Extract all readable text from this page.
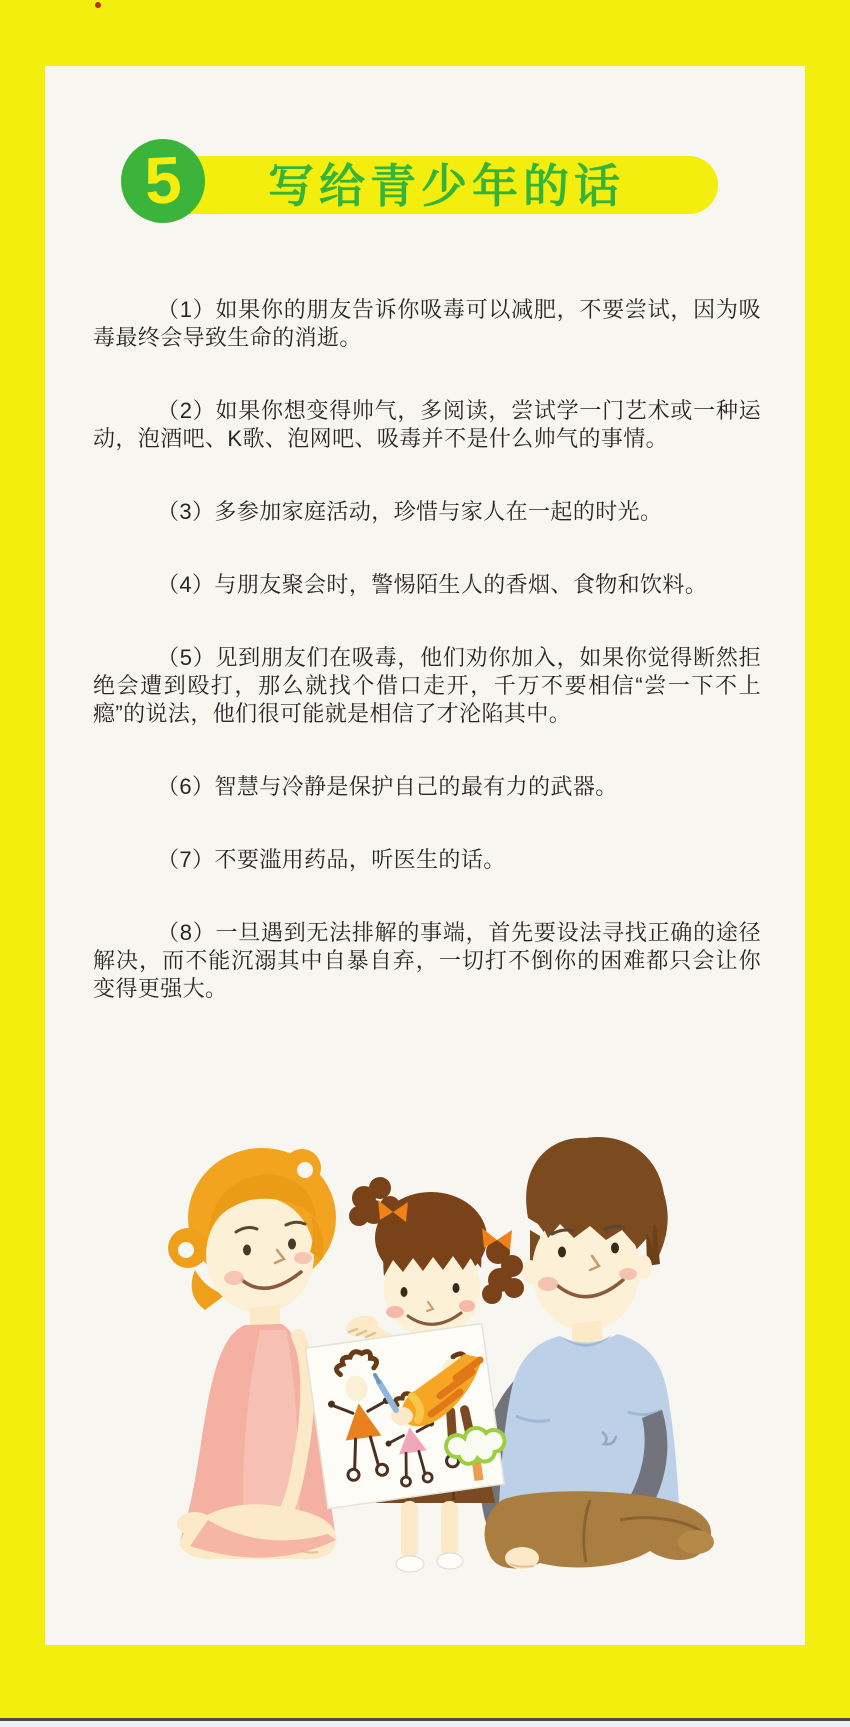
写给青少年的话
5

（1）如果你的朋友告诉你吸毒可以减肥，不要尝试，因为吸毒最终会导致生命的消逝。

（2）如果你想变得帅气，多阅读，尝试学一门艺术或一种运动，泡酒吧、K歌、泡网吧、吸毒并不是什么帅气的事情。

（3）多参加家庭活动，珍惜与家人在一起的时光。

（4）与朋友聚会时，警惕陌生人的香烟、食物和饮料。

（5）见到朋友们在吸毒，他们劝你加入，如果你觉得断然拒绝会遭到殴打，那么就找个借口走开，千万不要相信“尝一下不上瘾”的说法，他们很可能就是相信了才沦陷其中。

（6）智慧与冷静是保护自己的最有力的武器。

（7）不要滥用药品，听医生的话。

（8）一旦遇到无法排解的事端，首先要设法寻找正确的途径解决，而不能沉溺其中自暴自弃，一切打不倒你的困难都只会让你变得更强大。
